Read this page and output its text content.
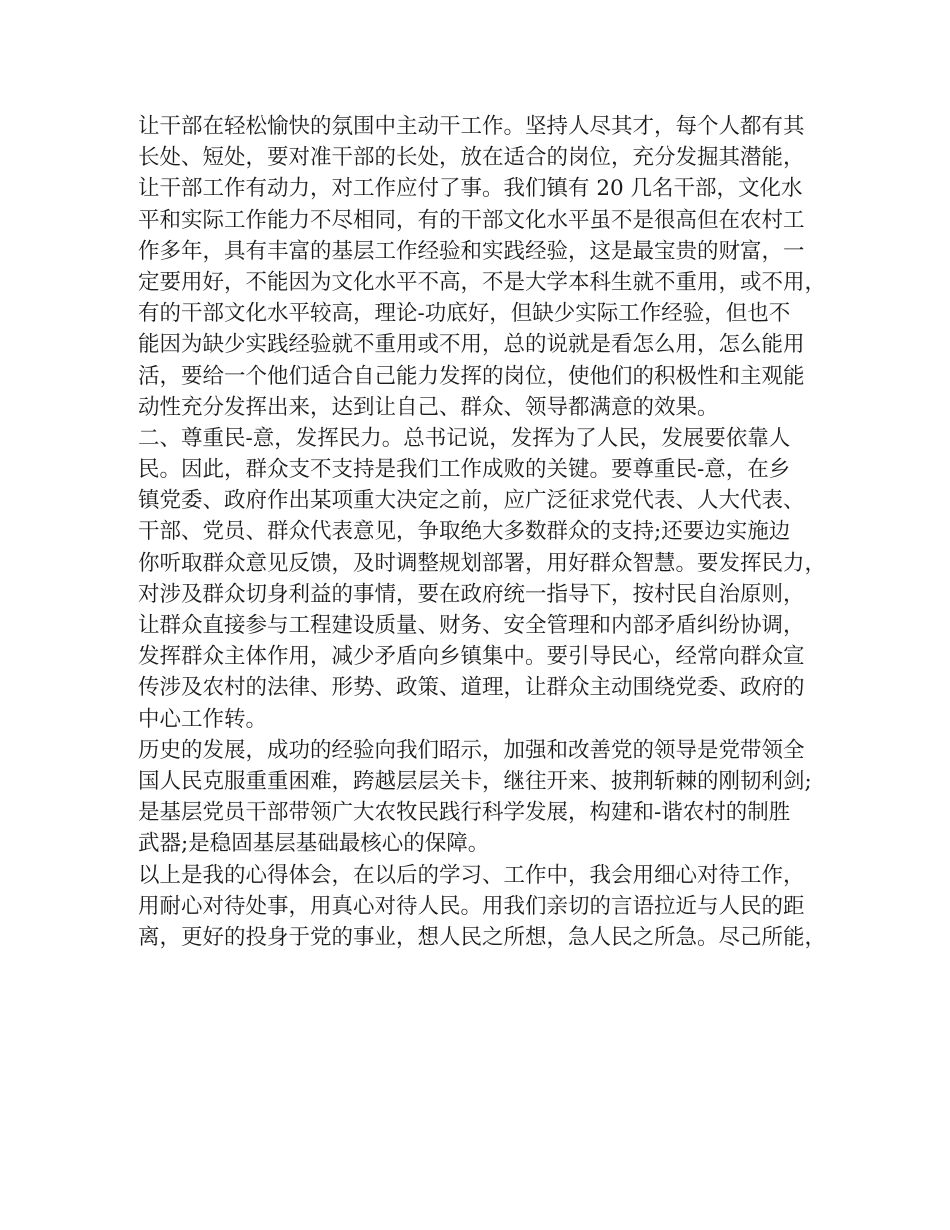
让干部在轻松愉快的氛围中主动干工作。坚持人尽其才，每个人都有其
长处、短处，要对准干部的长处，放在适合的岗位，充分发掘其潜能，
让干部工作有动力，对工作应付了事。我们镇有 20 几名干部，文化水
平和实际工作能力不尽相同，有的干部文化水平虽不是很高但在农村工
作多年，具有丰富的基层工作经验和实践经验，这是最宝贵的财富，一
定要用好，不能因为文化水平不高，不是大学本科生就不重用，或不用，
有的干部文化水平较高，理论-功底好，但缺少实际工作经验，但也不
能因为缺少实践经验就不重用或不用，总的说就是看怎么用，怎么能用
活，要给一个他们适合自己能力发挥的岗位，使他们的积极性和主观能
动性充分发挥出来，达到让自己、群众、领导都满意的效果。
二、尊重民-意，发挥民力。总书记说，发挥为了人民，发展要依靠人
民。因此，群众支不支持是我们工作成败的关键。要尊重民-意，在乡
镇党委、政府作出某项重大决定之前，应广泛征求党代表、人大代表、
干部、党员、群众代表意见，争取绝大多数群众的支持;还要边实施边
你听取群众意见反馈，及时调整规划部署，用好群众智慧。要发挥民力，
对涉及群众切身利益的事情，要在政府统一指导下，按村民自治原则，
让群众直接参与工程建设质量、财务、安全管理和内部矛盾纠纷协调，
发挥群众主体作用，减少矛盾向乡镇集中。要引导民心，经常向群众宣
传涉及农村的法律、形势、政策、道理，让群众主动围绕党委、政府的
中心工作转。
历史的发展，成功的经验向我们昭示，加强和改善党的领导是党带领全
国人民克服重重困难，跨越层层关卡，继往开来、披荆斩棘的刚韧利剑;
是基层党员干部带领广大农牧民践行科学发展，构建和-谐农村的制胜
武器;是稳固基层基础最核心的保障。
以上是我的心得体会，在以后的学习、工作中，我会用细心对待工作，
用耐心对待处事，用真心对待人民。用我们亲切的言语拉近与人民的距
离，更好的投身于党的事业，想人民之所想，急人民之所急。尽己所能，
